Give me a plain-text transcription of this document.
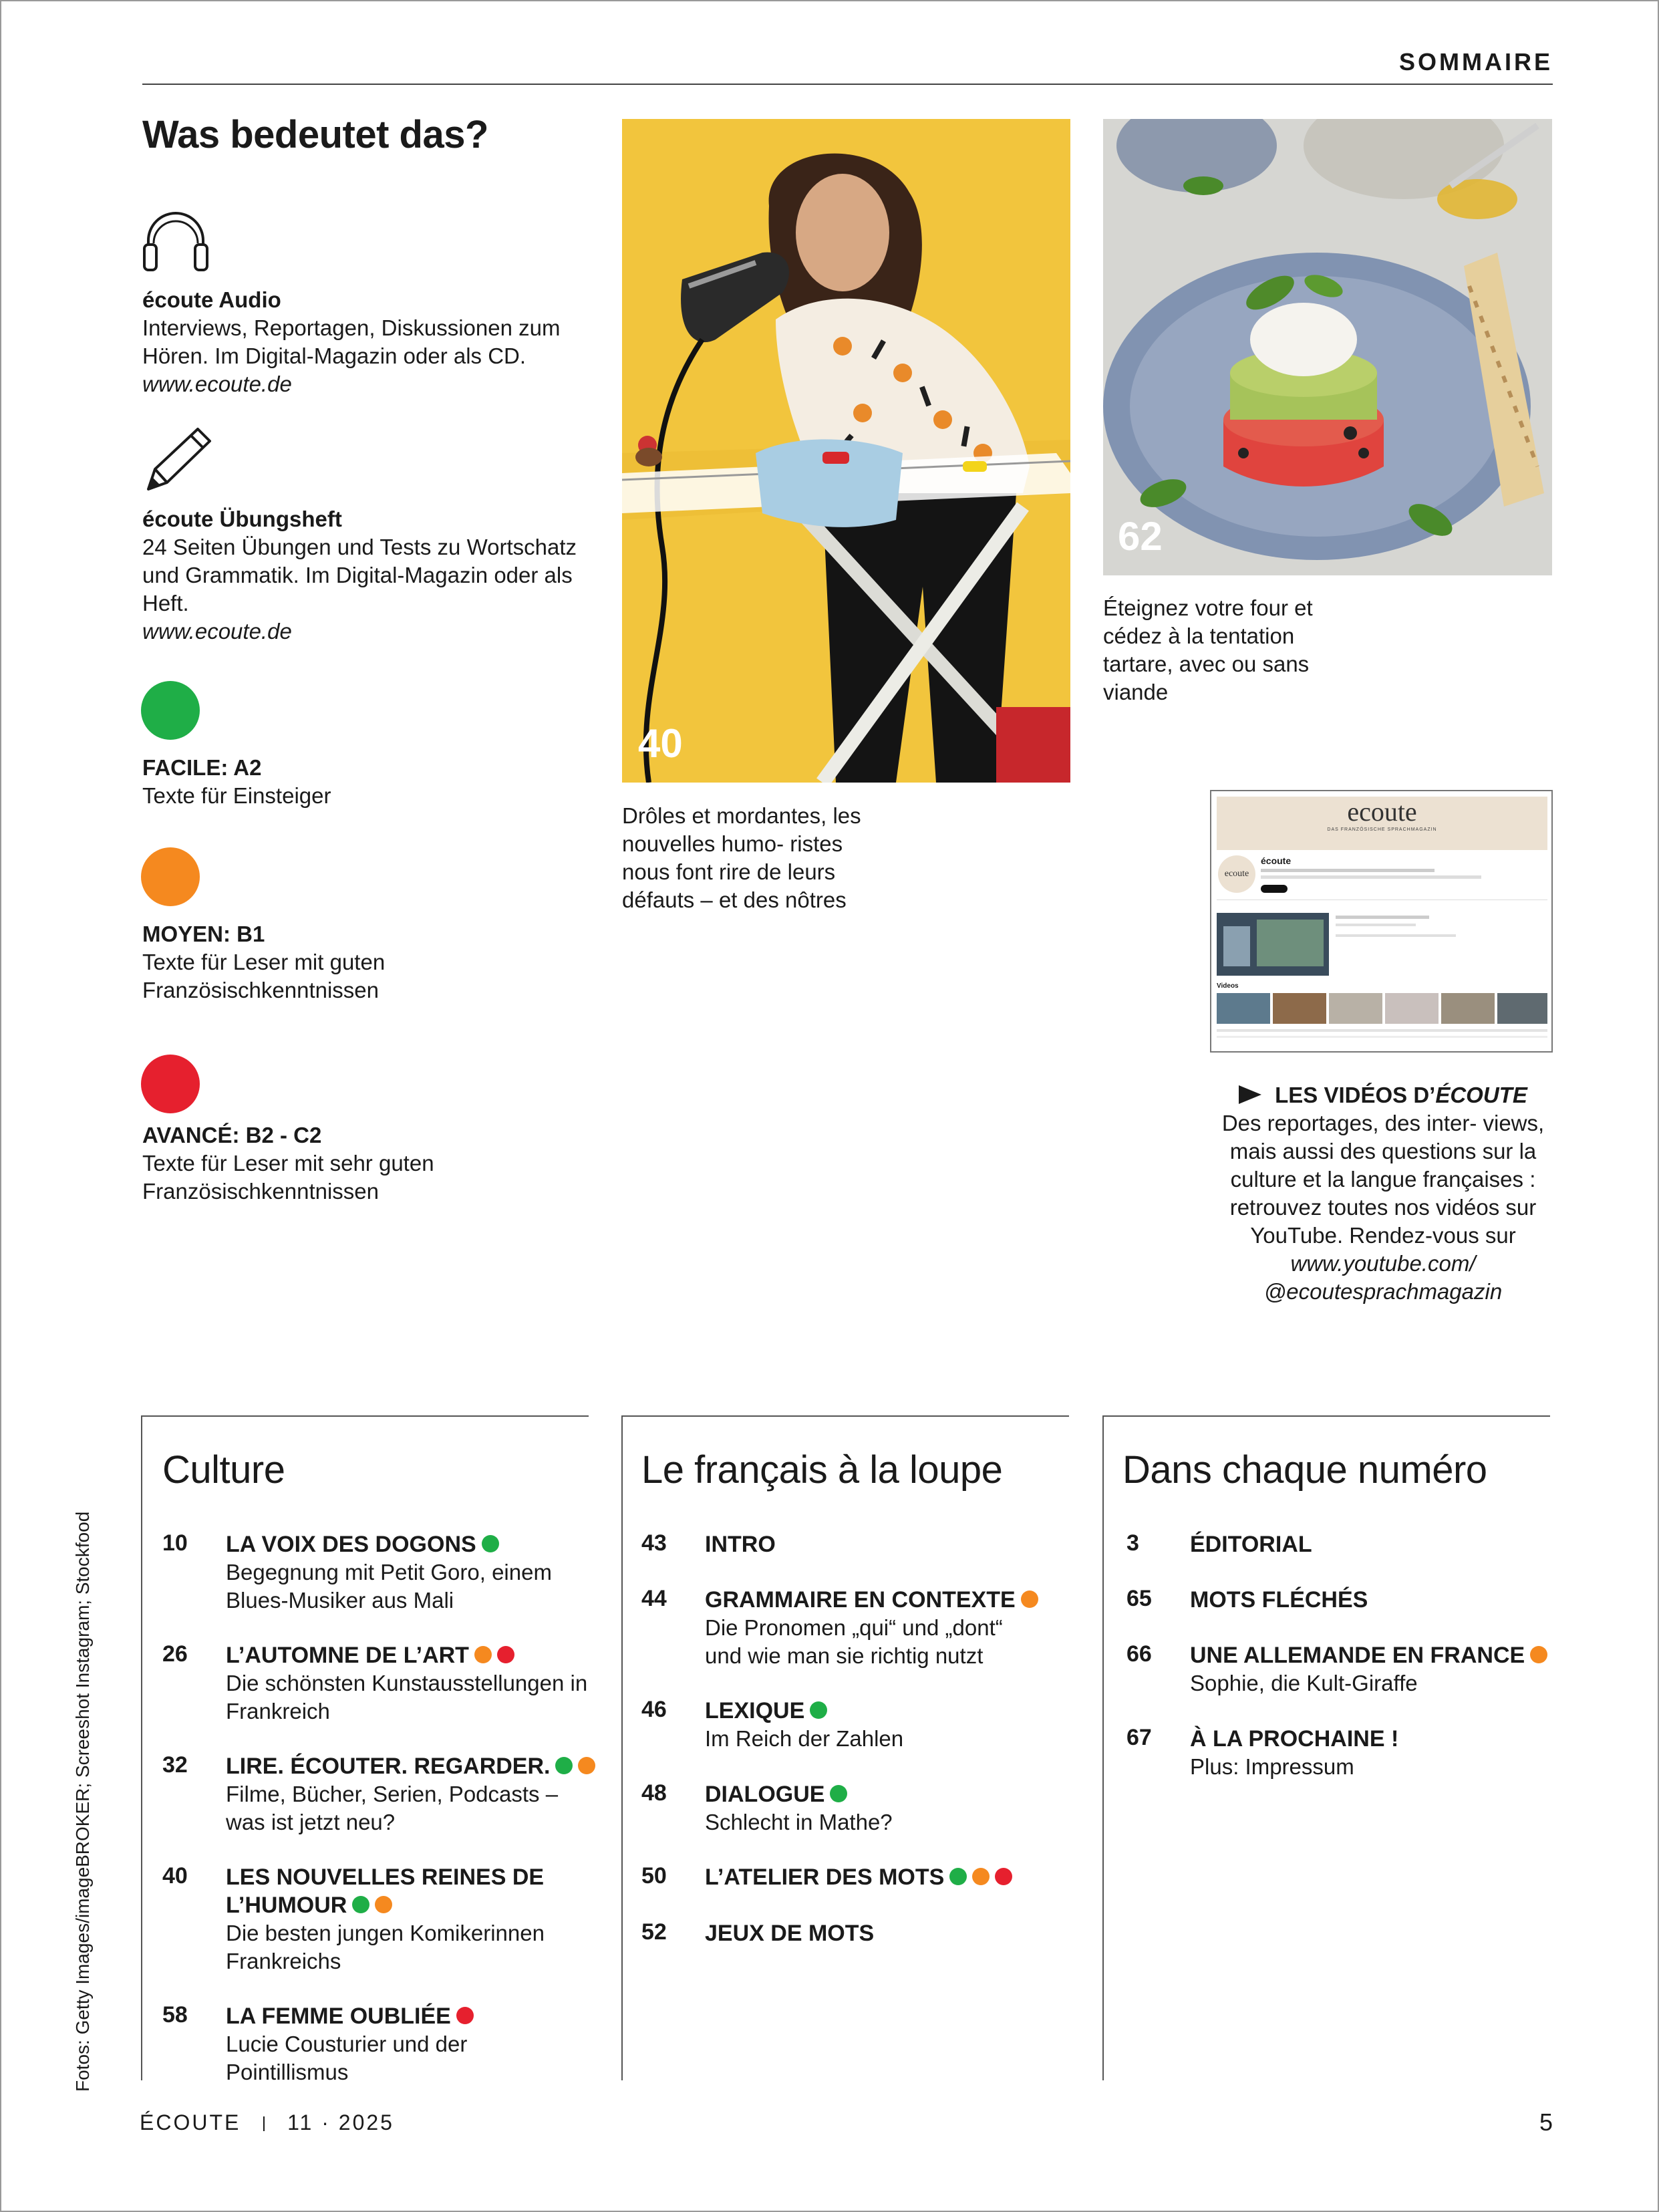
SOMMAIRE
Was bedeutet das?
écoute Audio
Interviews, Reportagen, Diskussionen zum Hören. Im Digital-Magazin oder als CD.
www.ecoute.de
écoute Übungsheft
24 Seiten Übungen und Tests zu Wortschatz und Grammatik. Im Digital-Magazin oder als Heft.
www.ecoute.de
FACILE: A2
Texte für Einsteiger
MOYEN: B1
Texte für Leser mit guten Französischkenntnissen
AVANCÉ: B2 - C2
Texte für Leser mit sehr guten Französischkenntnissen
40
Drôles et mordantes, les nouvelles humo- ristes nous font rire de leurs défauts – et des nôtres
62
Éteignez votre four et cédez à la tentation tartare, avec ou sans viande
ecoute
DAS FRANZÖSISCHE SPRACHMAGAZIN
ecoute
écoute
Videos
LES VIDÉOS D’ÉCOUTE
Des reportages, des inter- views, mais aussi des questions sur la culture et la langue françaises : retrouvez toutes nos vidéos sur YouTube. Rendez-vous sur
www.youtube.com/ @ecoutesprachmagazin
Culture
10 LA VOIX DES DOGONS
Begegnung mit Petit Goro, einem Blues-Musiker aus Mali
26 L’AUTOMNE DE L’ART
Die schönsten Kunstausstellungen in Frankreich
32 LIRE. ÉCOUTER. REGARDER.
Filme, Bücher, Serien, Podcasts – was ist jetzt neu?
40 LES NOUVELLES REINES DE L’HUMOUR
Die besten jungen Komikerinnen Frankreichs
58 LA FEMME OUBLIÉE
Lucie Cousturier und der Pointillismus
Le français à la loupe
43 INTRO
44 GRAMMAIRE EN CONTEXTE
Die Pronomen „qui“ und „dont“ und wie man sie richtig nutzt
46 LEXIQUE
Im Reich der Zahlen
48 DIALOGUE
Schlecht in Mathe?
50 L’ATELIER DES MOTS
52 JEUX DE MOTS
Dans chaque numéro
3 ÉDITORIAL
65 MOTS FLÉCHÉS
66 UNE ALLEMANDE EN FRANCE
Sophie, die Kult-Giraffe
67 À LA PROCHAINE !
Plus: Impressum
Fotos: Getty Images/imageBROKER; Screeshot Instagram; Stockfood
ÉCOUTE 11 · 2025	5
